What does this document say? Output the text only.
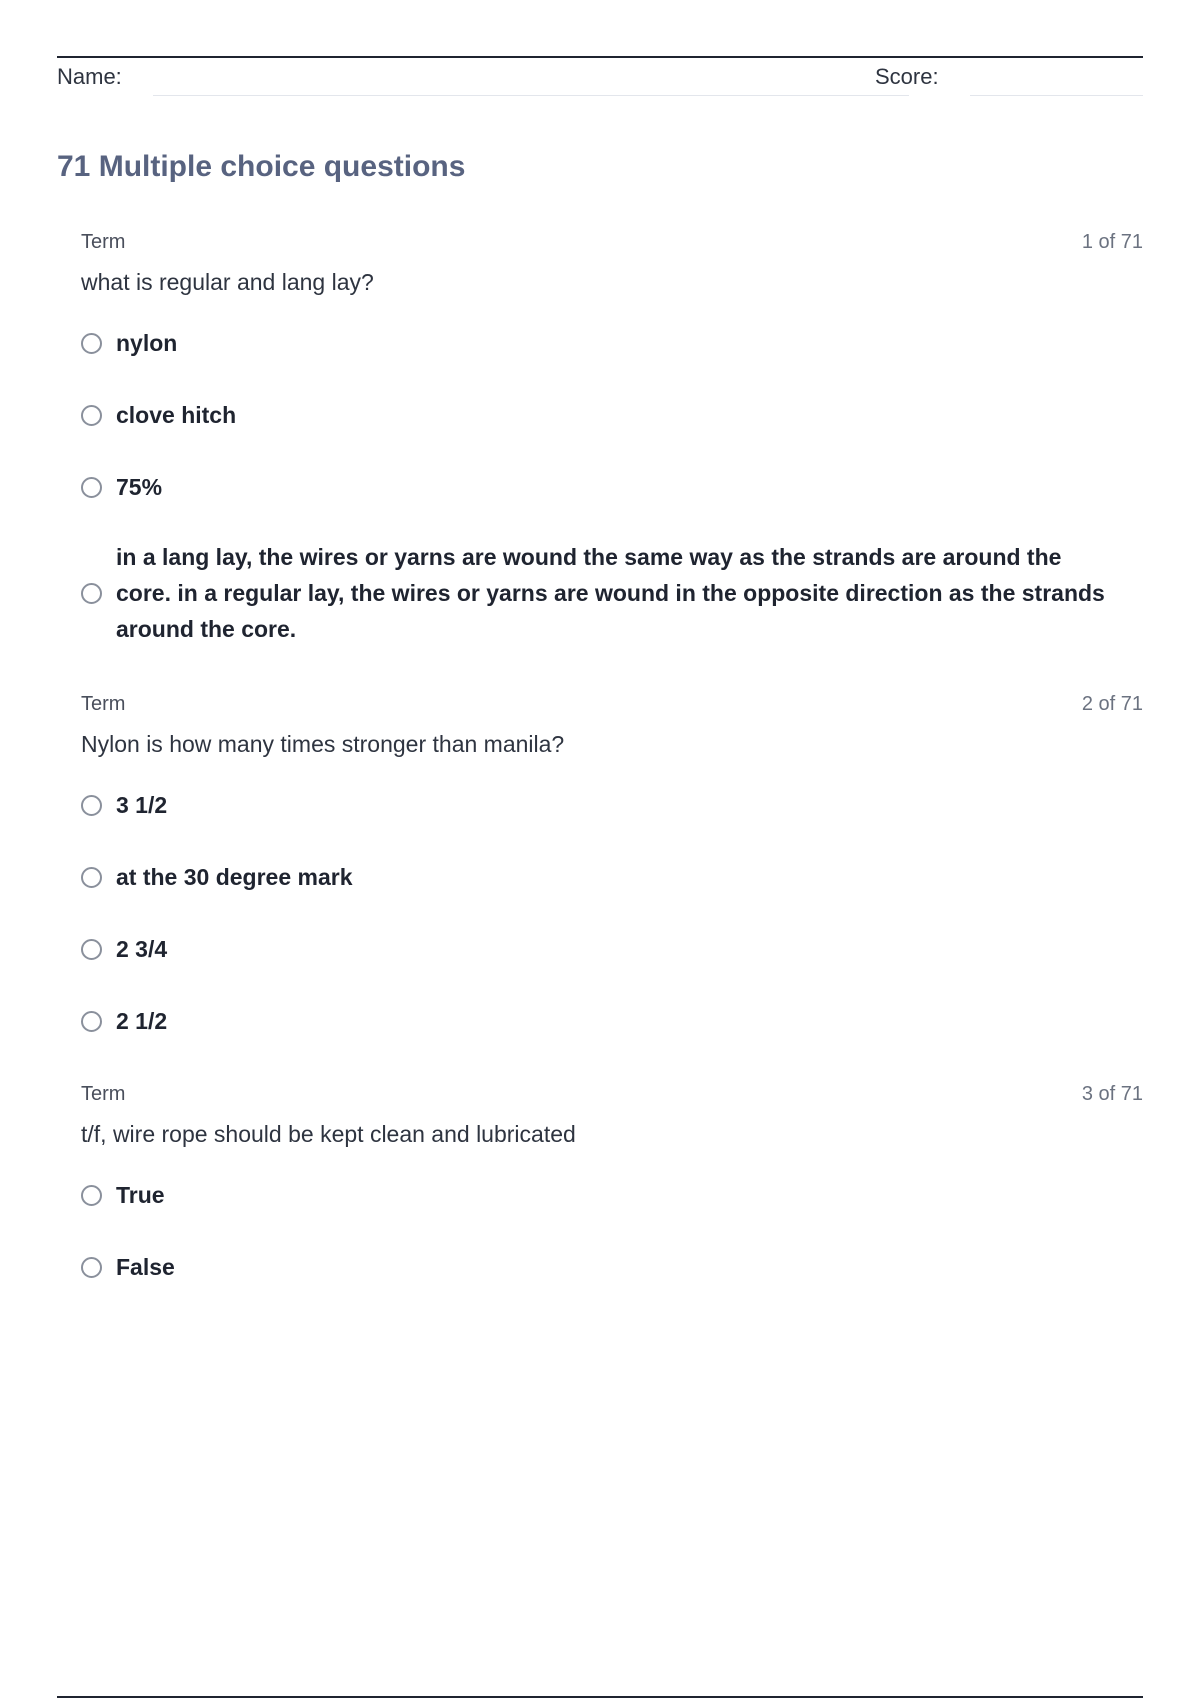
Name:	Score:
71 Multiple choice questions
Term	1 of 71
what is regular and lang lay?
nylon
clove hitch
75%
in a lang lay, the wires or yarns are wound the same way as the strands are around the core. in a regular lay, the wires or yarns are wound in the opposite direction as the strands around the core.
Term	2 of 71
Nylon is how many times stronger than manila?
3 1/2
at the 30 degree mark
2 3/4
2 1/2
Term	3 of 71
t/f, wire rope should be kept clean and lubricated
True
False
